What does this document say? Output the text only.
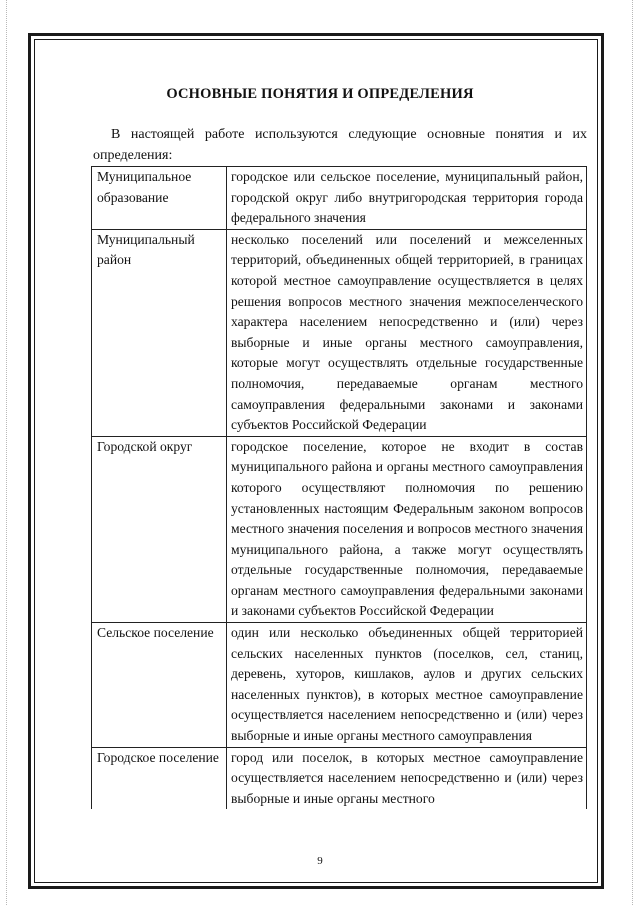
ОСНОВНЫЕ ПОНЯТИЯ И ОПРЕДЕЛЕНИЯ
В настоящей работе используются следующие основные понятия и их определения:
Муниципальное образование	городское или сельское поселение, муниципальный район, городской округ либо внутригородская территория города федерального значения
Муниципальный район	несколько поселений или поселений и межселенных территорий, объединенных общей территорией, в границах которой местное самоуправление осуществляется в целях решения вопросов местного значения межпоселенческого характера населением непосредственно и (или) через выборные и иные органы местного самоуправления, которые могут осуществлять отдельные государственные полномочия, передаваемые органам местного самоуправления федеральными законами и законами субъектов Российской Федерации
Городской округ	городское поселение, которое не входит в состав муниципального района и органы местного самоуправления которого осуществляют полномочия по решению установленных настоящим Федеральным законом вопросов местного значения поселения и вопросов местного значения муниципального района, а также могут осуществлять отдельные государственные полномочия, передаваемые органам местного самоуправления федеральными законами и законами субъектов Российской Федерации
Сельское поселение	один или несколько объединенных общей территорией сельских населенных пунктов (поселков, сел, станиц, деревень, хуторов, кишлаков, аулов и других сельских населенных пунктов), в которых местное самоуправление осуществляется населением непосредственно и (или) через выборные и иные органы местного самоуправления
Городское поселение	город или поселок, в которых местное самоуправление осуществляется населением непосредственно и (или) через выборные и иные органы местного
9
